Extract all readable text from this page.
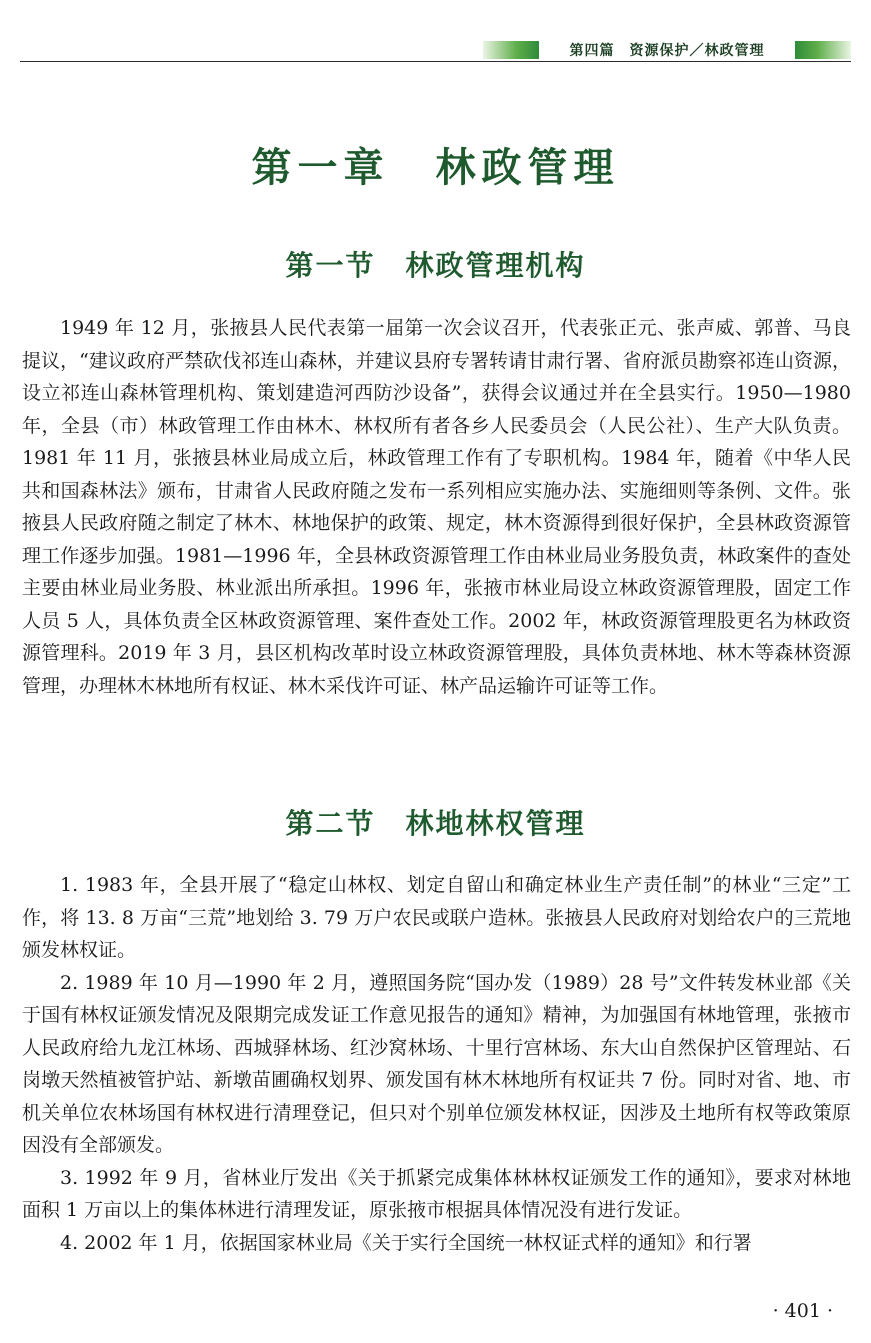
第四篇　资源保护／林政管理
第一章　林政管理
第一节　林政管理机构

1949 年 12 月，张掖县人民代表第一届第一次会议召开，代表张正元、张声威、郭普、马良提议，“建议政府严禁砍伐祁连山森林，并建议县府专署转请甘肃行署、省府派员勘察祁连山资源，设立祁连山森林管理机构、策划建造河西防沙设备”，获得会议通过并在全县实行。1950—1980 年，全县（市）林政管理工作由林木、林权所有者各乡人民委员会（人民公社）、生产大队负责。1981 年 11 月，张掖县林业局成立后，林政管理工作有了专职机构。1984 年，随着《中华人民共和国森林法》颁布，甘肃省人民政府随之发布一系列相应实施办法、实施细则等条例、文件。张掖县人民政府随之制定了林木、林地保护的政策、规定，林木资源得到很好保护，全县林政资源管理工作逐步加强。1981—1996 年，全县林政资源管理工作由林业局业务股负责，林政案件的查处主要由林业局业务股、林业派出所承担。1996 年，张掖市林业局设立林政资源管理股，固定工作人员 5 人，具体负责全区林政资源管理、案件查处工作。2002 年，林政资源管理股更名为林政资源管理科。2019 年 3 月，县区机构改革时设立林政资源管理股，具体负责林地、林木等森林资源管理，办理林木林地所有权证、林木采伐许可证、林产品运输许可证等工作。

第二节　林地林权管理

1. 1983 年，全县开展了“稳定山林权、划定自留山和确定林业生产责任制”的林业“三定”工作，将 13. 8 万亩“三荒”地划给 3. 79 万户农民或联户造林。张掖县人民政府对划给农户的三荒地颁发林权证。

2. 1989 年 10 月—1990 年 2 月，遵照国务院“国办发（1989）28 号”文件转发林业部《关于国有林权证颁发情况及限期完成发证工作意见报告的通知》精神，为加强国有林地管理，张掖市人民政府给九龙江林场、西城驿林场、红沙窝林场、十里行宫林场、东大山自然保护区管理站、石岗墩天然植被管护站、新墩苗圃确权划界、颁发国有林木林地所有权证共 7 份。同时对省、地、市机关单位农林场国有林权进行清理登记，但只对个别单位颁发林权证，因涉及土地所有权等政策原因没有全部颁发。

3. 1992 年 9 月，省林业厅发出《关于抓紧完成集体林林权证颁发工作的通知》，要求对林地面积 1 万亩以上的集体林进行清理发证，原张掖市根据具体情况没有进行发证。

4. 2002 年 1 月，依据国家林业局《关于实行全国统一林权证式样的通知》和行署

· 401 ·
